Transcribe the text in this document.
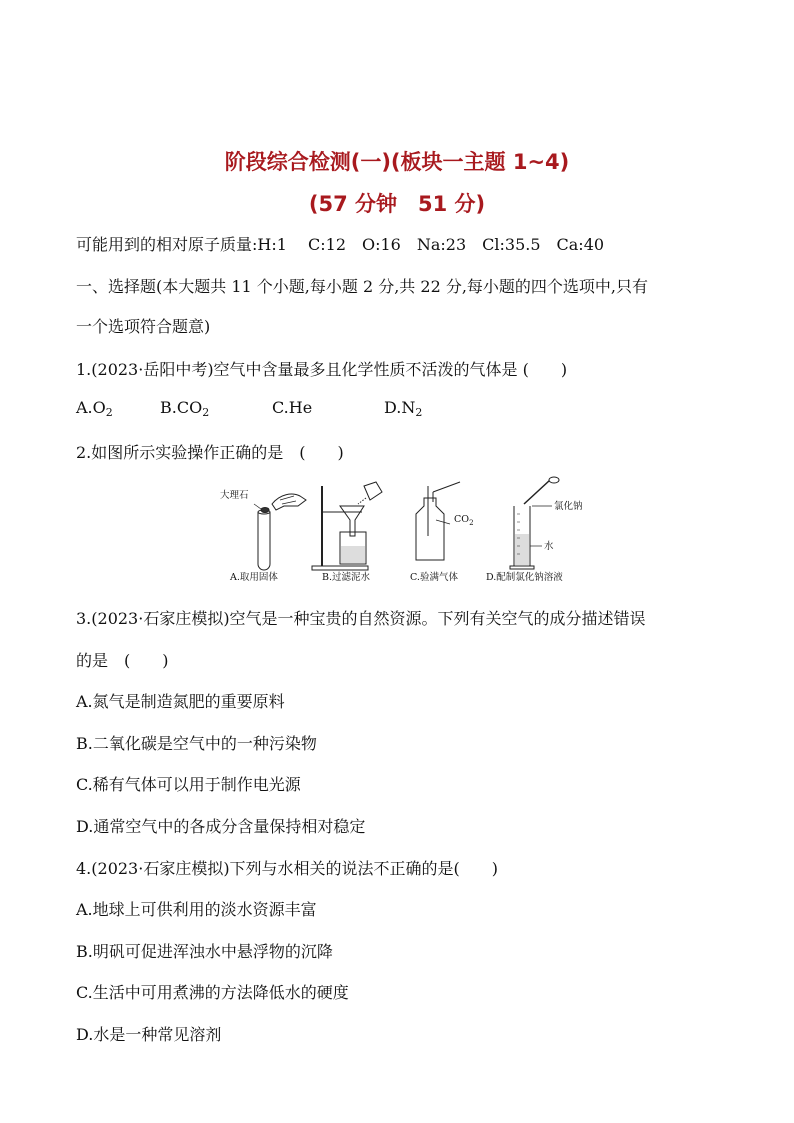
阶段综合检测(一)(板块一主题 1~4)
(57 分钟　51 分)
可能用到的相对原子质量:H:1　 C:12　O:16　Na:23　Cl:35.5　Ca:40
一、选择题(本大题共 11 个小题,每小题 2 分,共 22 分,每小题的四个选项中,只有
一个选项符合题意)
1.(2023·岳阳中考)空气中含量最多且化学性质不活泼的气体是 (　　)
$A.O_2$	$B.CO_2$	C.He	$D.N_2$
2.如图所示实验操作正确的是　(　　)
大理石
A.取用固体	B.过滤泥水
$CO_2$
C.验满气体
氯化钠
水
D.配制氯化钠溶液
3.(2023·石家庄模拟)空气是一种宝贵的自然资源。下列有关空气的成分描述错误
的是　(　　)
A.氮气是制造氮肥的重要原料
B.二氧化碳是空气中的一种污染物
C.稀有气体可以用于制作电光源
D.通常空气中的各成分含量保持相对稳定
4.(2023·石家庄模拟)下列与水相关的说法不正确的是(　　)
A.地球上可供利用的淡水资源丰富
B.明矾可促进浑浊水中悬浮物的沉降
C.生活中可用煮沸的方法降低水的硬度
D.水是一种常见溶剂
